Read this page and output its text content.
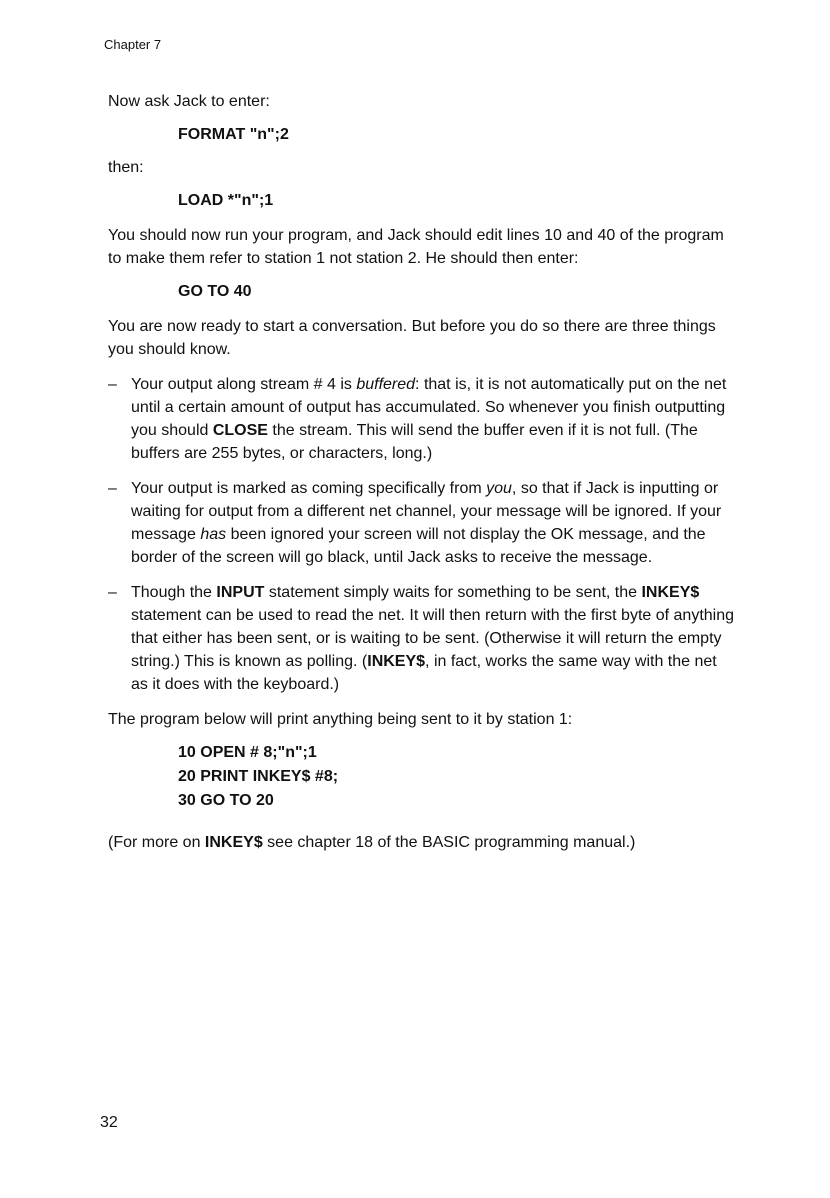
Chapter 7

Now ask Jack to enter:

FORMAT "n";2

then:

LOAD *"n";1

You should now run your program, and Jack should edit lines 10 and 40 of the program to make them refer to station 1 not station 2. He should then enter:

GO TO 40

You are now ready to start a conversation. But before you do so there are three things you should know.

– Your output along stream # 4 is buffered: that is, it is not automatically put on the net until a certain amount of output has accumulated. So whenever you finish outputting you should CLOSE the stream. This will send the buffer even if it is not full. (The buffers are 255 bytes, or characters, long.)

– Your output is marked as coming specifically from you, so that if Jack is inputting or waiting for output from a different net channel, your message will be ignored. If your message has been ignored your screen will not display the OK message, and the border of the screen will go black, until Jack asks to receive the message.

– Though the INPUT statement simply waits for something to be sent, the INKEY$ statement can be used to read the net. It will then return with the first byte of anything that either has been sent, or is waiting to be sent. (Otherwise it will return the empty string.) This is known as polling. (INKEY$, in fact, works the same way with the net as it does with the keyboard.)

The program below will print anything being sent to it by station 1:

10 OPEN # 8;"n";1
20 PRINT INKEY$ #8;
30 GO TO 20

(For more on INKEY$ see chapter 18 of the BASIC programming manual.)

32
